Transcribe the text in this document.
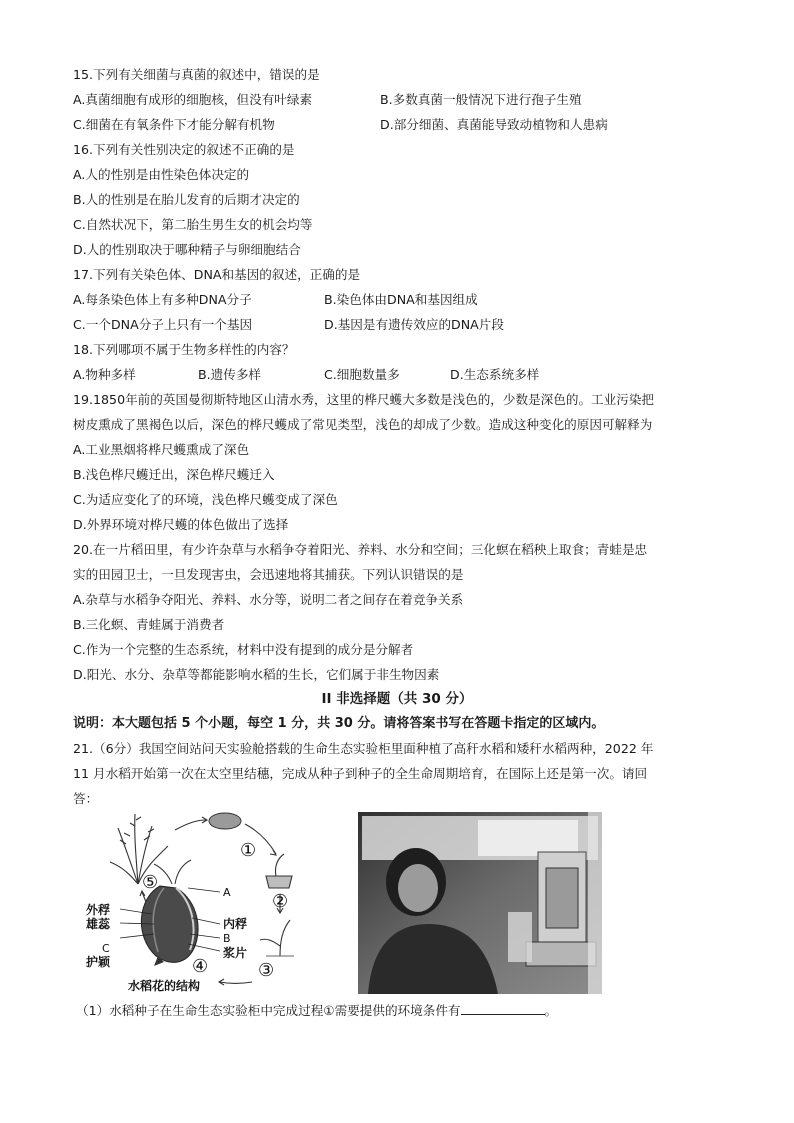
15.下列有关细菌与真菌的叙述中，错误的是
A.真菌细胞有成形的细胞核，但没有叶绿素	B.多数真菌一般情况下进行孢子生殖
C.细菌在有氧条件下才能分解有机物	D.部分细菌、真菌能导致动植物和人患病
16.下列有关性别决定的叙述不正确的是
A.人的性别是由性染色体决定的
B.人的性别是在胎儿发育的后期才决定的
C.自然状况下，第二胎生男生女的机会均等
D.人的性别取决于哪种精子与卵细胞结合
17.下列有关染色体、DNA和基因的叙述，正确的是
A.每条染色体上有多种DNA分子	B.染色体由DNA和基因组成
C.一个DNA分子上只有一个基因	D.基因是有遗传效应的DNA片段
18.下列哪项不属于生物多样性的内容？
A.物种多样	B.遗传多样	C.细胞数量多	D.生态系统多样
19.1850年前的英国曼彻斯特地区山清水秀，这里的桦尺蠖大多数是浅色的，少数是深色的。工业污染把
树皮熏成了黑褐色以后，深色的桦尺蠖成了常见类型，浅色的却成了少数。造成这种变化的原因可解释为
A.工业黑烟将桦尺蠖熏成了深色
B.浅色桦尺蠖迁出，深色桦尺蠖迁入
C.为适应变化了的环境，浅色桦尺蠖变成了深色
D.外界环境对桦尺蠖的体色做出了选择
20.在一片稻田里，有少许杂草与水稻争夺着阳光、养料、水分和空间；三化螟在稻秧上取食；青蛙是忠
实的田园卫士，一旦发现害虫，会迅速地将其捕获。下列认识错误的是
A.杂草与水稻争夺阳光、养料、水分等，说明二者之间存在着竞争关系
B.三化螟、青蛙属于消费者
C.作为一个完整的生态系统，材料中没有提到的成分是分解者
D.阳光、水分、杂草等都能影响水稻的生长，它们属于非生物因素
II 非选择题（共 30 分）
说明：本大题包括 5 个小题，每空 1 分，共 30 分。请将答案书写在答题卡指定的区域内。
21.（6分）我国空间站问天实验舱搭载的生命生态实验柜里面种植了高秆水稻和矮秆水稻两种，2022 年
11 月水稻开始第一次在太空里结穗，完成从种子到种子的全生命周期培育，在国际上还是第一次。请回
答：
①
②
③
④
⑤	A
B
C
外稃
雄蕊	内稃
浆片
护颖
水稻花的结构
（1）水稻种子在生命生态实验柜中完成过程①需要提供的环境条件有	。
